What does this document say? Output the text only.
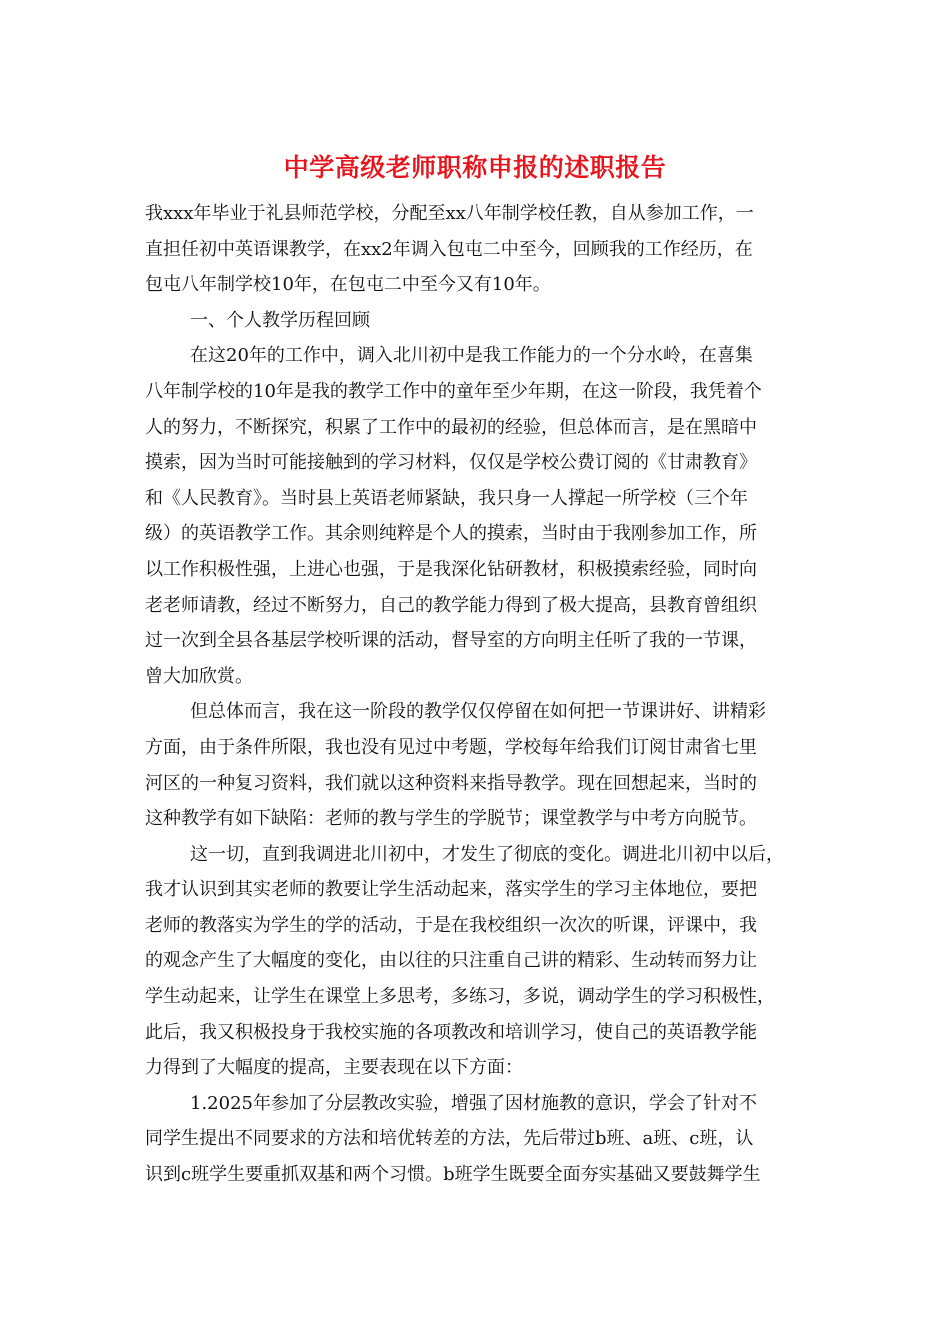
中学高级老师职称申报的述职报告
我xxx年毕业于礼县师范学校，分配至xx八年制学校任教，自从参加工作，一
直担任初中英语课教学，在xx2年调入包屯二中至今，回顾我的工作经历，在
包屯八年制学校10年，在包屯二中至今又有10年。
一、个人教学历程回顾
在这20年的工作中，调入北川初中是我工作能力的一个分水岭，在喜集
八年制学校的10年是我的教学工作中的童年至少年期，在这一阶段，我凭着个
人的努力，不断探究，积累了工作中的最初的经验，但总体而言，是在黑暗中
摸索，因为当时可能接触到的学习材料，仅仅是学校公费订阅的《甘肃教育》
和《人民教育》。当时县上英语老师紧缺，我只身一人撑起一所学校（三个年
级）的英语教学工作。其余则纯粹是个人的摸索，当时由于我刚参加工作，所
以工作积极性强，上进心也强，于是我深化钻研教材，积极摸索经验，同时向
老老师请教，经过不断努力，自己的教学能力得到了极大提高，县教育曾组织
过一次到全县各基层学校听课的活动，督导室的方向明主任听了我的一节课，
曾大加欣赏。
但总体而言，我在这一阶段的教学仅仅停留在如何把一节课讲好、讲精彩
方面，由于条件所限，我也没有见过中考题，学校每年给我们订阅甘肃省七里
河区的一种复习资料，我们就以这种资料来指导教学。现在回想起来，当时的
这种教学有如下缺陷：老师的教与学生的学脱节；课堂教学与中考方向脱节。
这一切，直到我调进北川初中，才发生了彻底的变化。调进北川初中以后，
我才认识到其实老师的教要让学生活动起来，落实学生的学习主体地位，要把
老师的教落实为学生的学的活动，于是在我校组织一次次的听课，评课中，我
的观念产生了大幅度的变化，由以往的只注重自己讲的精彩、生动转而努力让
学生动起来，让学生在课堂上多思考，多练习，多说，调动学生的学习积极性，
此后，我又积极投身于我校实施的各项教改和培训学习，使自己的英语教学能
力得到了大幅度的提高，主要表现在以下方面：
1.2025年参加了分层教改实验，增强了因材施教的意识，学会了针对不
同学生提出不同要求的方法和培优转差的方法，先后带过b班、a班、c班，认
识到c班学生要重抓双基和两个习惯。b班学生既要全面夯实基础又要鼓舞学生
